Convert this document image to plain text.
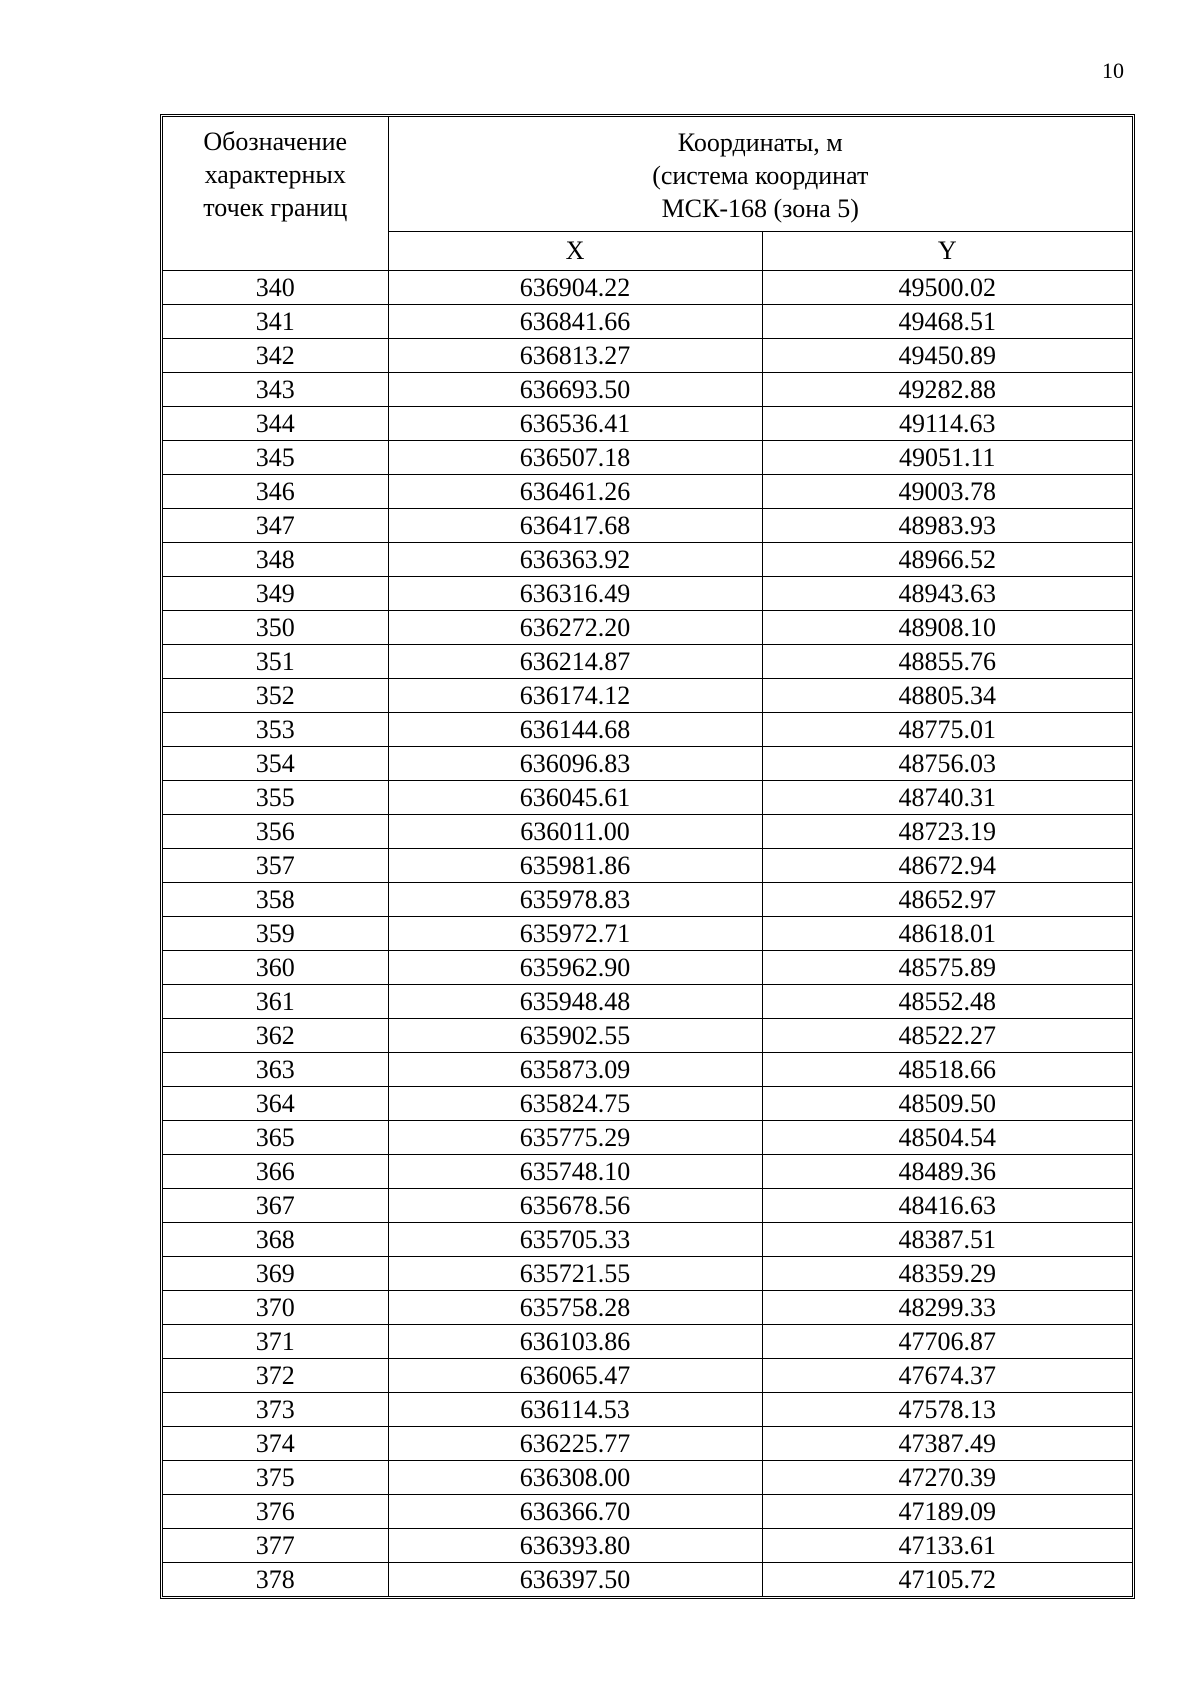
10
Обозначение
характерных
точек границ	Координаты, м
(система координат
МСК-168 (зона 5)	

	X	Y
340	636904.22	49500.02
341	636841.66	49468.51
342	636813.27	49450.89
343	636693.50	49282.88
344	636536.41	49114.63
345	636507.18	49051.11
346	636461.26	49003.78
347	636417.68	48983.93
348	636363.92	48966.52
349	636316.49	48943.63
350	636272.20	48908.10
351	636214.87	48855.76
352	636174.12	48805.34
353	636144.68	48775.01
354	636096.83	48756.03
355	636045.61	48740.31
356	636011.00	48723.19
357	635981.86	48672.94
358	635978.83	48652.97
359	635972.71	48618.01
360	635962.90	48575.89
361	635948.48	48552.48
362	635902.55	48522.27
363	635873.09	48518.66
364	635824.75	48509.50
365	635775.29	48504.54
366	635748.10	48489.36
367	635678.56	48416.63
368	635705.33	48387.51
369	635721.55	48359.29
370	635758.28	48299.33
371	636103.86	47706.87
372	636065.47	47674.37
373	636114.53	47578.13
374	636225.77	47387.49
375	636308.00	47270.39
376	636366.70	47189.09
377	636393.80	47133.61
378	636397.50	47105.72
